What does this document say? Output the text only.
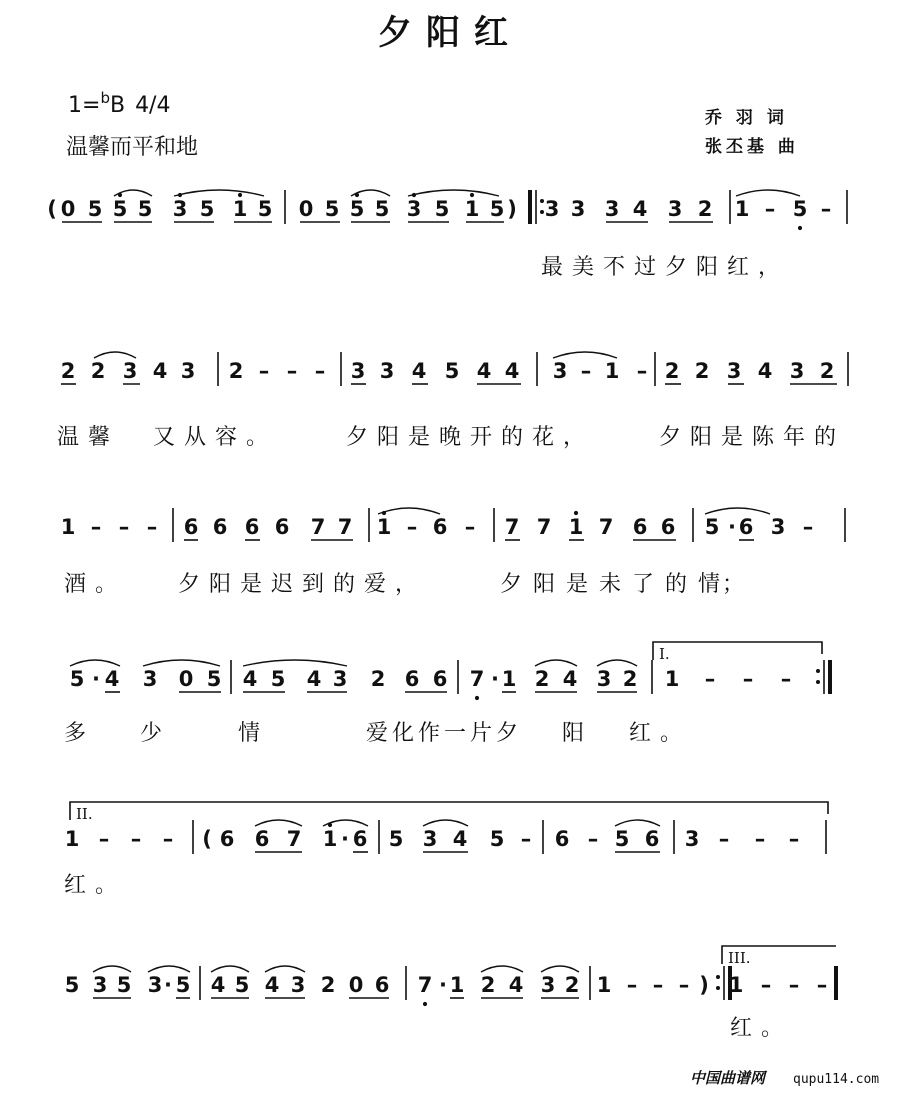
夕阳红
1=$^b$B 4/4
温馨而平和地
乔 羽 词
张丕基 曲
( 0 5 5 5 3 5 1 5 0 5 5 5 3 5 1 5 ) 3 3 3 4 3 2 1 – 5 –
最美不过夕阳红，
2 2 3 4 3 2 – – – 3 3 4 5 4 4 3 – 1 – 2 2 3 4 3 2
温馨 又从容。	夕阳是晚开的花，	夕阳是陈年的
1 – – – 6 6 6 6 7 7 1 – 6 – 7 7 1 7 6 6 5 · 6 3 –
酒。 夕阳是迟到的爱，	夕 阳 是 未 了 的 情；
5 · 4 3 0 5 4 5 4 3 2 6 6 7 · 1 2 4 3 2 1 – – –
I.
多 少	情	爱化作一片夕 阳 红。
1 – – – ( 6 6 7 1 · 6 5 3 4 5 – 6 – 5 6 3 – – –
II.
红。
5 3 5 3 · 5 4 5 4 3 2 0 6 7 · 1 2 4 3 2 1 – – – ) 1 – – –
III.
红。
中国曲谱网 qupu114.com
